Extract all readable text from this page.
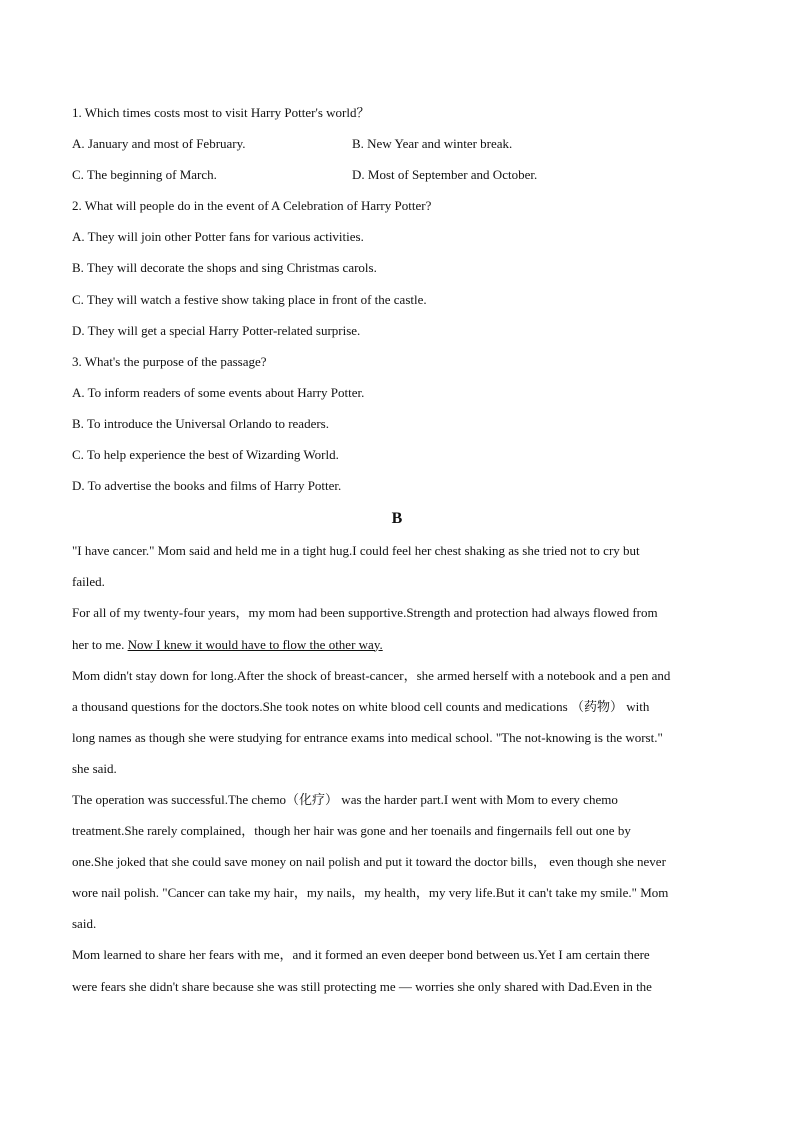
1. Which times costs most to visit Harry Potter's world？
A. January and most of February.	B. New Year and winter break.
C. The beginning of March.	D. Most of September and October.
2. What will people do in the event of A Celebration of Harry Potter?
A. They will join other Potter fans for various activities.
B. They will decorate the shops and sing Christmas carols.
C. They will watch a festive show taking place in front of the castle.
D. They will get a special Harry Potter-related surprise.
3. What's the purpose of the passage?
A. To inform readers of some events about Harry Potter.
B. To introduce the Universal Orlando to readers.
C. To help experience the best of Wizarding World.
D. To advertise the books and films of Harry Potter.
B
"I have cancer." Mom said and held me in a tight hug.I could feel her chest shaking as she tried not to cry but
failed.
For all of my twenty-four years，my mom had been supportive.Strength and protection had always flowed from
her to me. Now I knew it would have to flow the other way.
Mom didn't stay down for long.After the shock of breast-cancer，she armed herself with a notebook and a pen and
a thousand questions for the doctors.She took notes on white blood cell counts and medications （药物） with
long names as though she were studying for entrance exams into medical school. "The not-knowing is the worst."
she said.
The operation was successful.The chemo（化疗） was the harder part.I went with Mom to every chemo
treatment.She rarely complained，though her hair was gone and her toenails and fingernails fell out one by
one.She joked that she could save money on nail polish and put it toward the doctor bills， even though she never
wore nail polish. "Cancer can take my hair，my nails，my health，my very life.But it can't take my smile." Mom
said.
Mom learned to share her fears with me，and it formed an even deeper bond between us.Yet I am certain there
were fears she didn't share because she was still protecting me — worries she only shared with Dad.Even in the
